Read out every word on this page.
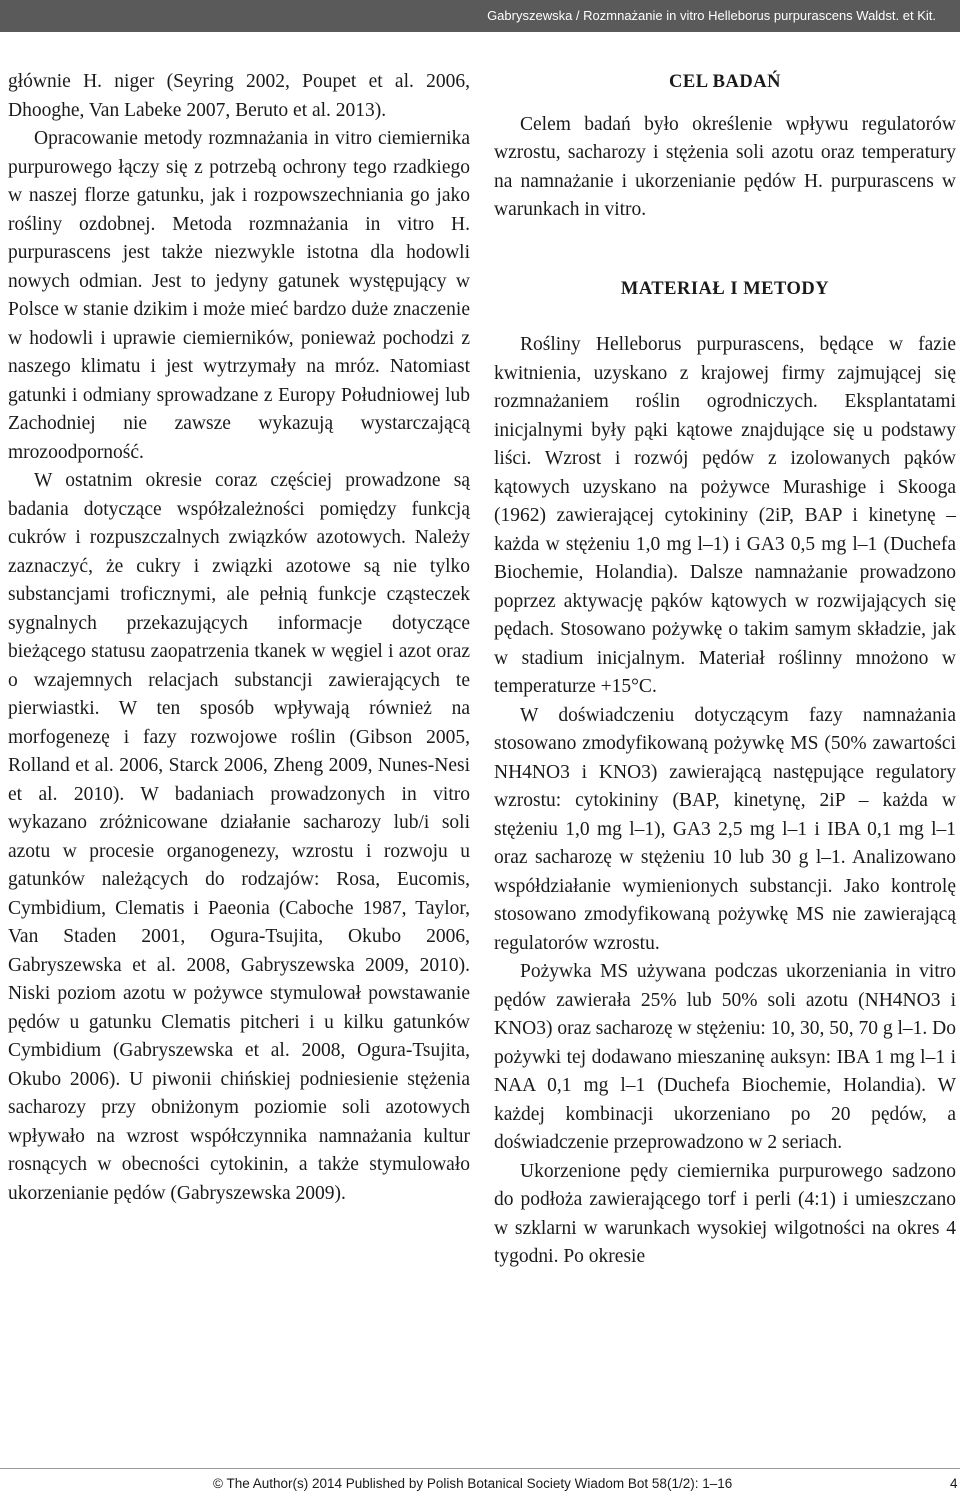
Gabryszewska / Rozmnażanie in vitro Helleborus purpurascens Waldst. et Kit.

głównie H. niger (Seyring 2002, Poupet et al. 2006, Dhooghe, Van Labeke 2007, Beruto et al. 2013).

Opracowanie metody rozmnażania in vitro ciemiernika purpurowego łączy się z potrzebą ochrony tego rzadkiego w naszej florze gatunku, jak i rozpowszechniania go jako rośliny ozdobnej. Metoda rozmnażania in vitro H. purpurascens jest także niezwykle istotna dla hodowli nowych odmian. Jest to jedyny gatunek występujący w Polsce w stanie dzikim i może mieć bardzo duże znaczenie w hodowli i uprawie ciemierników, ponieważ pochodzi z naszego klimatu i jest wytrzymały na mróz. Natomiast gatunki i odmiany sprowadzane z Europy Południowej lub Zachodniej nie zawsze wykazują wystarczającą mrozoodporność.

W ostatnim okresie coraz częściej prowadzone są badania dotyczące współzależności pomiędzy funkcją cukrów i rozpuszczalnych związków azotowych. Należy zaznaczyć, że cukry i związki azotowe są nie tylko substancjami troficznymi, ale pełnią funkcje cząsteczek sygnalnych przekazujących informacje dotyczące bieżącego statusu zaopatrzenia tkanek w węgiel i azot oraz o wzajemnych relacjach substancji zawierających te pierwiastki. W ten sposób wpływają również na morfogenezę i fazy rozwojowe roślin (Gibson 2005, Rolland et al. 2006, Starck 2006, Zheng 2009, Nunes-Nesi et al. 2010). W badaniach prowadzonych in vitro wykazano zróżnicowane działanie sacharozy lub/i soli azotu w procesie organogenezy, wzrostu i rozwoju u gatunków należących do rodzajów: Rosa, Eucomis, Cymbidium, Clematis i Paeonia (Caboche 1987, Taylor, Van Staden 2001, Ogura-Tsujita, Okubo 2006, Gabryszewska et al. 2008, Gabryszewska 2009, 2010). Niski poziom azotu w pożywce stymulował powstawanie pędów u gatunku Clematis pitcheri i u kilku gatunków Cymbidium (Gabryszewska et al. 2008, Ogura-Tsujita, Okubo 2006). U piwonii chińskiej podniesienie stężenia sacharozy przy obniżonym poziomie soli azotowych wpływało na wzrost współczynnika namnażania kultur rosnących w obecności cytokinin, a także stymulowało ukorzenianie pędów (Gabryszewska 2009).

CEL BADAŃ

Celem badań było określenie wpływu regulatorów wzrostu, sacharozy i stężenia soli azotu oraz temperatury na namnażanie i ukorzenianie pędów H. purpurascens w warunkach in vitro.

MATERIAŁ I METODY

Rośliny Helleborus purpurascens, będące w fazie kwitnienia, uzyskano z krajowej firmy zajmującej się rozmnażaniem roślin ogrodniczych. Eksplantatami inicjalnymi były pąki kątowe znajdujące się u podstawy liści. Wzrost i rozwój pędów z izolowanych pąków kątowych uzyskano na pożywce Murashige i Skooga (1962) zawierającej cytokininy (2iP, BAP i kinetynę – każda w stężeniu 1,0 mg l–1) i GA3 0,5 mg l–1 (Duchefa Biochemie, Holandia). Dalsze namnażanie prowadzono poprzez aktywację pąków kątowych w rozwijających się pędach. Stosowano pożywkę o takim samym składzie, jak w stadium inicjalnym. Materiał roślinny mnożono w temperaturze +15°C.

W doświadczeniu dotyczącym fazy namnażania stosowano zmodyfikowaną pożywkę MS (50% zawartości NH4NO3 i KNO3) zawierającą następujące regulatory wzrostu: cytokininy (BAP, kinetynę, 2iP – każda w stężeniu 1,0 mg l–1), GA3 2,5 mg l–1 i IBA 0,1 mg l–1 oraz sacharozę w stężeniu 10 lub 30 g l–1. Analizowano współdziałanie wymienionych substancji. Jako kontrolę stosowano zmodyfikowaną pożywkę MS nie zawierającą regulatorów wzrostu.

Pożywka MS używana podczas ukorzeniania in vitro pędów zawierała 25% lub 50% soli azotu (NH4NO3 i KNO3) oraz sacharozę w stężeniu: 10, 30, 50, 70 g l–1. Do pożywki tej dodawano mieszaninę auksyn: IBA 1 mg l–1 i NAA 0,1 mg l–1 (Duchefa Biochemie, Holandia). W każdej kombinacji ukorzeniano po 20 pędów, a doświadczenie przeprowadzono w 2 seriach.

Ukorzenione pędy ciemiernika purpurowego sadzono do podłoża zawierającego torf i perli (4:1) i umieszczano w szklarni w warunkach wysokiej wilgotności na okres 4 tygodni. Po okresie

© The Author(s) 2014 Published by Polish Botanical Society Wiadom Bot 58(1/2): 1–16	4
